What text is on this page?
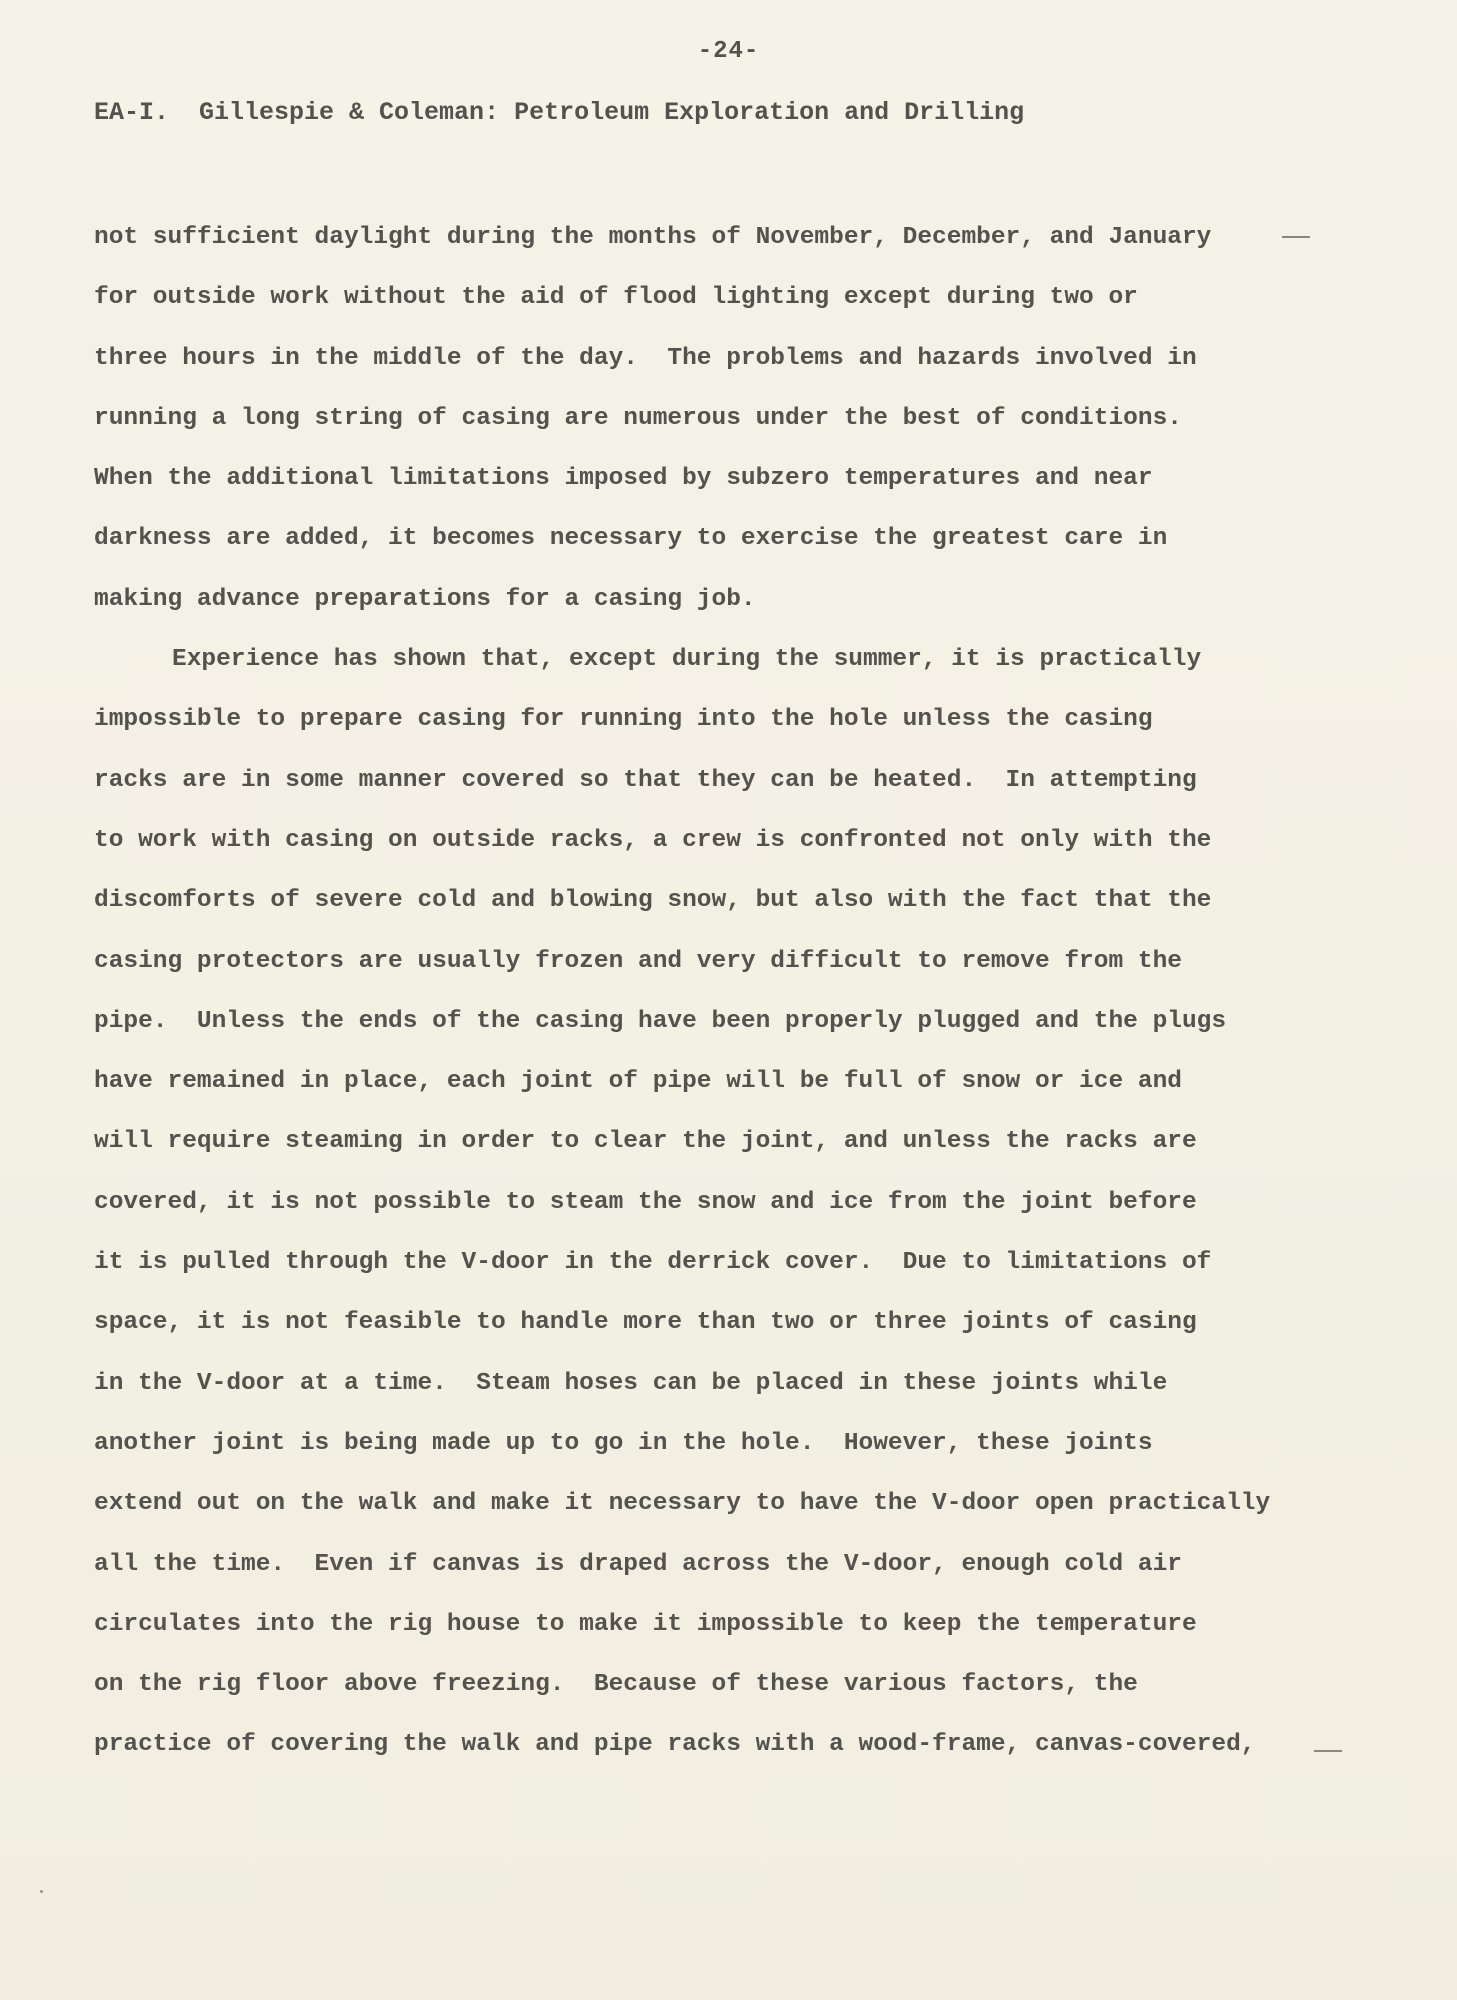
-24-
EA-I.  Gillespie & Coleman: Petroleum Exploration and Drilling
not sufficient daylight during the months of November, December, and January
for outside work without the aid of flood lighting except during two or
three hours in the middle of the day.  The problems and hazards involved in
running a long string of casing are numerous under the best of conditions.
When the additional limitations imposed by subzero temperatures and near
darkness are added, it becomes necessary to exercise the greatest care in
making advance preparations for a casing job.
Experience has shown that, except during the summer, it is practically
impossible to prepare casing for running into the hole unless the casing
racks are in some manner covered so that they can be heated.  In attempting
to work with casing on outside racks, a crew is confronted not only with the
discomforts of severe cold and blowing snow, but also with the fact that the
casing protectors are usually frozen and very difficult to remove from the
pipe.  Unless the ends of the casing have been properly plugged and the plugs
have remained in place, each joint of pipe will be full of snow or ice and
will require steaming in order to clear the joint, and unless the racks are
covered, it is not possible to steam the snow and ice from the joint before
it is pulled through the V-door in the derrick cover.  Due to limitations of
space, it is not feasible to handle more than two or three joints of casing
in the V-door at a time.  Steam hoses can be placed in these joints while
another joint is being made up to go in the hole.  However, these joints
extend out on the walk and make it necessary to have the V-door open practically
all the time.  Even if canvas is draped across the V-door, enough cold air
circulates into the rig house to make it impossible to keep the temperature
on the rig floor above freezing.  Because of these various factors, the
practice of covering the walk and pipe racks with a wood-frame, canvas-covered,
